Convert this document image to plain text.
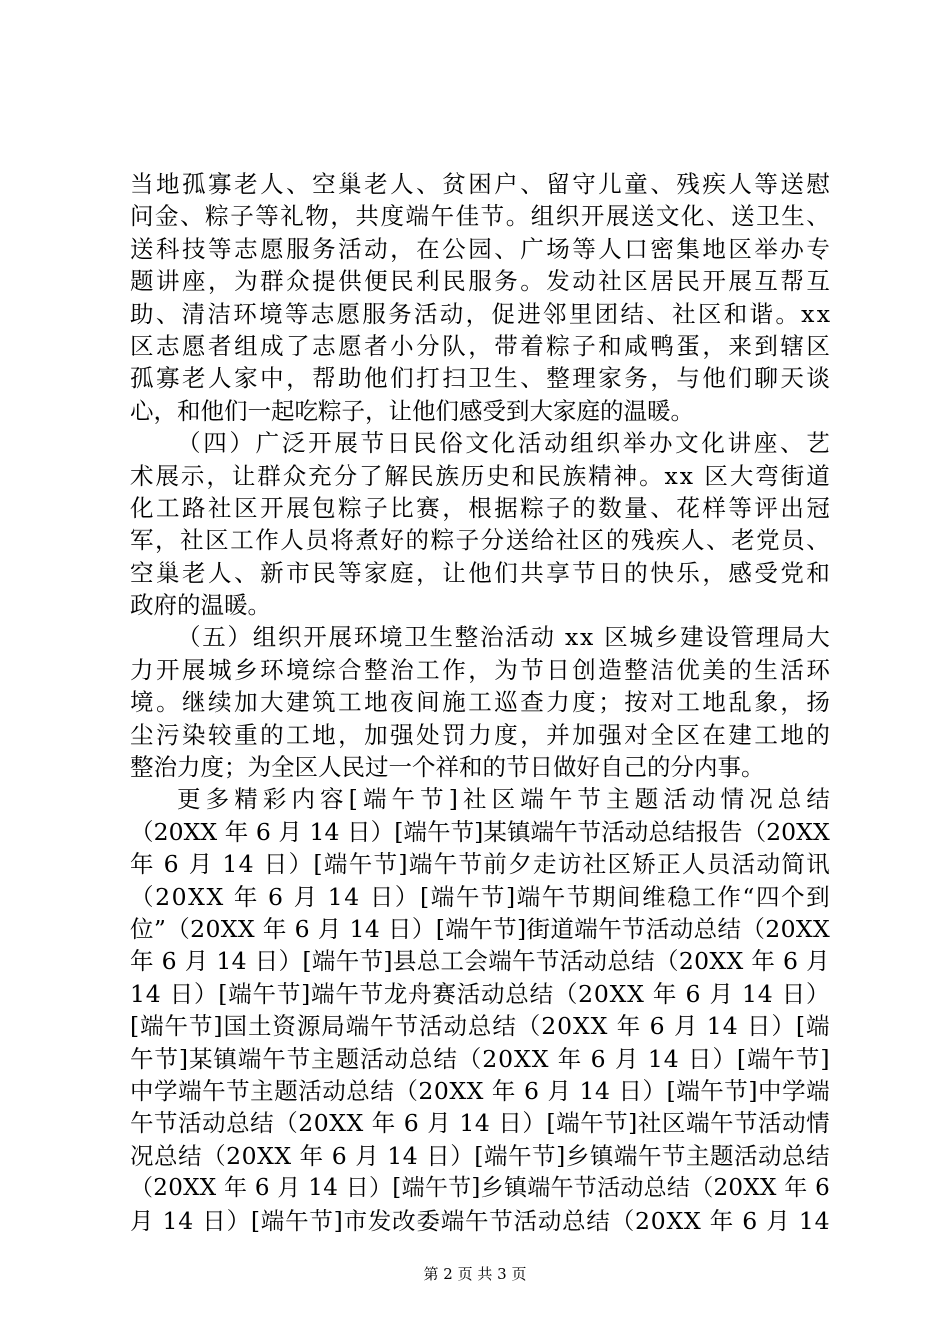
当 地 孤 寡 老 人 、 空 巢 老 人 、 贫 困 户 、 留 守 儿 童 、 残 疾 人 等 送 慰
问 金 、 粽 子 等 礼 物 ， 共 度 端 午 佳 节 。 组 织 开 展 送 文 化 、 送 卫 生 、
送 科 技 等 志 愿 服 务 活 动 ， 在 公 园 、 广 场 等 人 口 密 集 地 区 举 办 专
题 讲 座 ， 为 群 众 提 供 便 民 利 民 服 务 。 发 动 社 区 居 民 开 展 互 帮 互
助 、 清 洁 环 境 等 志 愿 服 务 活 动 ， 促 进 邻 里 团 结 、 社 区 和 谐 。 x x
区 志 愿 者 组 成 了 志 愿 者 小 分 队 ， 带 着 粽 子 和 咸 鸭 蛋 ， 来 到 辖 区
孤 寡 老 人 家 中 ， 帮 助 他 们 打 扫 卫 生 、 整 理 家 务 ， 与 他 们 聊 天 谈
心，和他们一起吃粽子，让他们感受到大家庭的温暖。
（ 四 ） 广 泛 开 展 节 日 民 俗 文 化 活 动 组 织 举 办 文 化 讲 座 、 艺
术 展 示 ， 让 群 众 充 分 了 解 民 族 历 史 和 民 族 精 神 。 x x
区 大 弯 街 道
化 工 路 社 区 开 展 包 粽 子 比 赛 ， 根 据 粽 子 的 数 量 、 花 样 等 评 出 冠
军 ， 社 区 工 作 人 员 将 煮 好 的 粽 子 分 送 给 社 区 的 残 疾 人 、 老 党 员 、
空 巢 老 人 、 新 市 民 等 家 庭 ， 让 他 们 共 享 节 日 的 快 乐 ， 感 受 党 和
政府的温暖。
（ 五 ） 组 织 开 展 环 境 卫 生 整 治 活 动
x x
区 城 乡 建 设 管 理 局 大
力 开 展 城 乡 环 境 综 合 整 治 工 作 ， 为 节 日 创 造 整 洁 优 美 的 生 活 环
境 。 继 续 加 大 建 筑 工 地 夜 间 施 工 巡 查 力 度 ； 按 对 工 地 乱 象 ， 扬
尘 污 染 较 重 的 工 地 ， 加 强 处 罚 力 度 ， 并 加 强 对 全 区 在 建 工 地 的
整治力度；为全区人民过一个祥和的节日做好自己的分内事。
更 多 精 彩 内 容 [ 端 午 节 ] 社 区 端 午 节 主 题 活 动 情 况 总 结
（ 2 0 X X
年
6
月
1 4
日 ） [ 端 午 节 ] 某 镇 端 午 节 活 动 总 结 报 告 （ 2 0 X X
年
6
月
1 4
日 ） [ 端 午 节 ] 端 午 节 前 夕 走 访 社 区 矫 正 人 员 活 动 简 讯
（ 2 0 X X
年
6
月
1 4
日 ） [ 端 午 节 ] 端 午 节 期 间 维 稳 工 作 “ 四 个 到
位 ” （ 2 0 X X
年
6
月
1 4
日 ） [ 端 午 节 ] 街 道 端 午 节 活 动 总 结 （ 2 0 X X
年
6
月
1 4
日 ） [ 端 午 节 ] 县 总 工 会 端 午 节 活 动 总 结 （ 2 0 X X
年
6
月
1 4
日 ） [ 端 午 节 ] 端 午 节 龙 舟 赛 活 动 总 结 （ 2 0 X X
年
6
月
1 4
日 ）
[ 端 午 节 ] 国 土 资 源 局 端 午 节 活 动 总 结 （ 2 0 X X
年
6
月
1 4
日 ） [ 端
午 节 ] 某 镇 端 午 节 主 题 活 动 总 结 （ 2 0 X X
年
6
月
1 4
日 ） [ 端 午 节 ]
中 学 端 午 节 主 题 活 动 总 结 （ 2 0 X X
年
6
月
1 4
日 ） [ 端 午 节 ] 中 学 端
午 节 活 动 总 结 （ 2 0 X X
年
6
月
1 4
日 ） [ 端 午 节 ] 社 区 端 午 节 活 动 情
况 总 结 （ 2 0 X X
年
6
月
1 4
日 ） [ 端 午 节 ] 乡 镇 端 午 节 主 题 活 动 总 结
（ 2 0 X X
年
6
月
1 4
日 ） [ 端 午 节 ] 乡 镇 端 午 节 活 动 总 结 （ 2 0 X X
年
6
月
1 4
日 ） [ 端 午 节 ] 市 发 改 委 端 午 节 活 动 总 结 （ 2 0 X X
年
6
月
1 4
第 2 页 共 3 页
